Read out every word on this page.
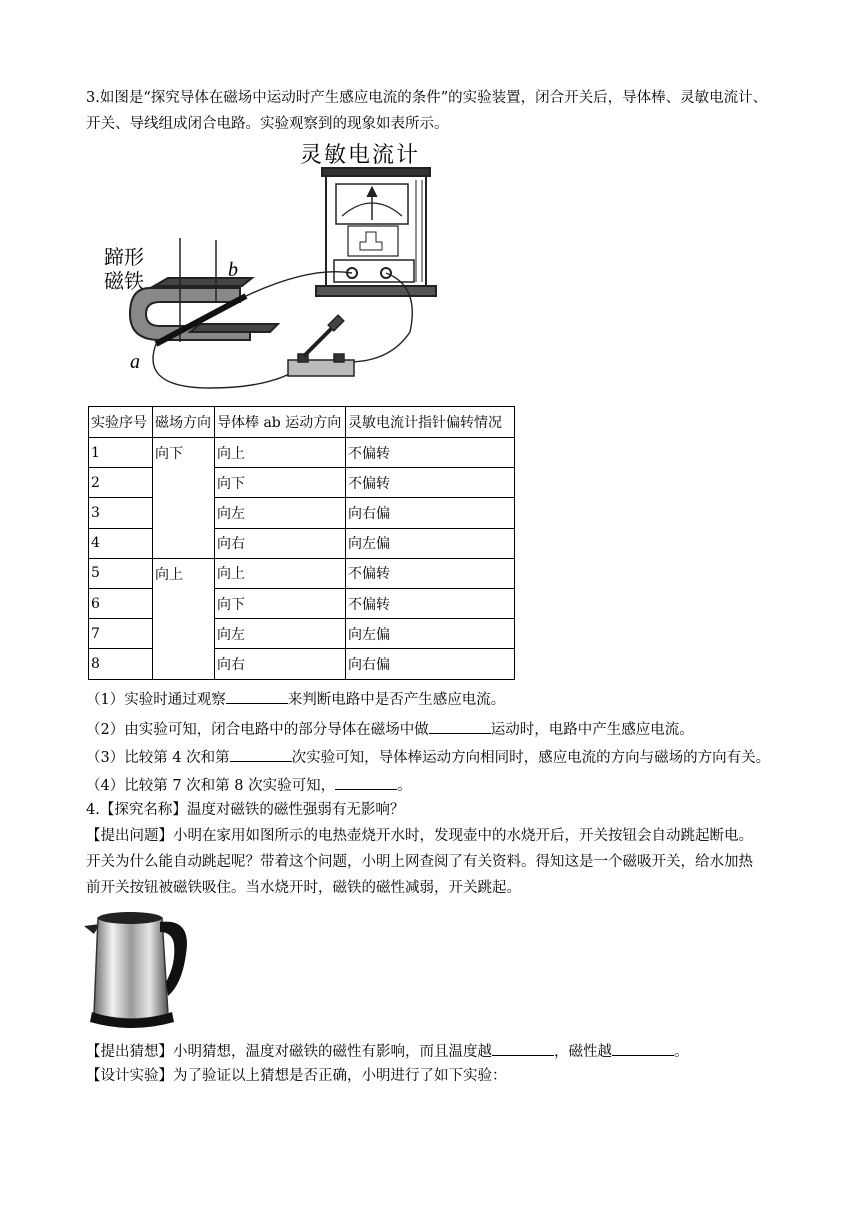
3.如图是“探究导体在磁场中运动时产生感应电流的条件”的实验装置，闭合开关后，导体棒、灵敏电流计、
开关、导线组成闭合电路。实验观察到的现象如表所示。
灵敏电流计
蹄形
磁铁
a
b
实验序号	磁场方向	导体棒 ab 运动方向	灵敏电流计指针偏转情况
1	向下	向上	不偏转
2		向下	不偏转
3		向左	向右偏
4		向右	向左偏
5	向上	向上	不偏转
6		向下	不偏转
7		向左	向左偏
8		向右	向右偏
（1）实验时通过观察	来判断电路中是否产生感应电流。
（2）由实验可知，闭合电路中的部分导体在磁场中做	运动时，电路中产生感应电流。
（3）比较第 4 次和第	次实验可知，导体棒运动方向相同时，感应电流的方向与磁场的方向有关。
（4）比较第 7 次和第 8 次实验可知，	。
4.【探究名称】温度对磁铁的磁性强弱有无影响？
【提出问题】小明在家用如图所示的电热壶烧开水时，发现壶中的水烧开后，开关按钮会自动跳起断电。
开关为什么能自动跳起呢？带着这个问题，小明上网查阅了有关资料。得知这是一个磁吸开关，给水加热
前开关按钮被磁铁吸住。当水烧开时，磁铁的磁性减弱，开关跳起。
【提出猜想】小明猜想，温度对磁铁的磁性有影响，而且温度越	，磁性越	。
【设计实验】为了验证以上猜想是否正确，小明进行了如下实验：
